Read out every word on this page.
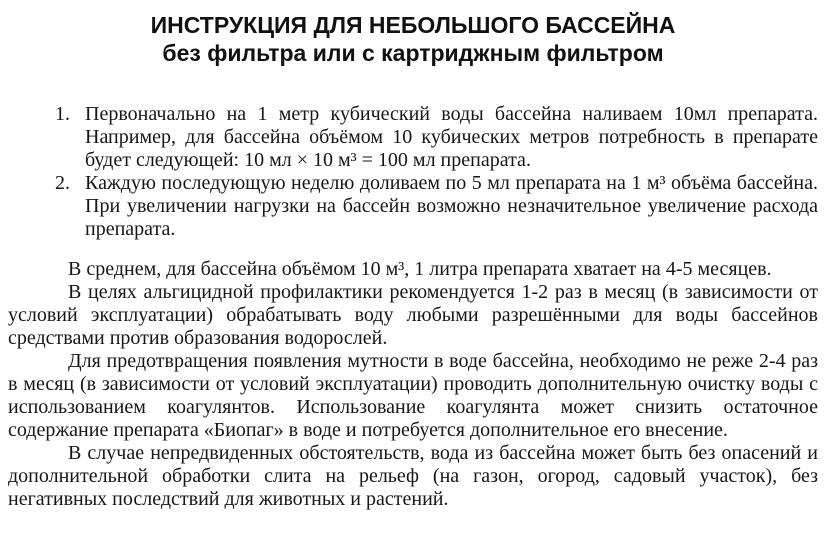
ИНСТРУКЦИЯ ДЛЯ НЕБОЛЬШОГО БАССЕЙНА
без фильтра или с картриджным фильтром
1. Первоначально на 1 метр кубический воды бассейна наливаем 10мл препарата. Например, для бассейна объёмом 10 кубических метров потребность в препарате будет следующей: 10 мл × 10 м³ = 100 мл препарата.
2. Каждую последующую неделю доливаем по 5 мл препарата на 1 м³ объёма бассейна. При увеличении нагрузки на бассейн возможно незначительное увеличение расхода препарата.

В среднем, для бассейна объёмом 10 м³, 1 литра препарата хватает на 4-5 месяцев.

В целях альгицидной профилактики рекомендуется 1-2 раз в месяц (в зависимости от условий эксплуатации) обрабатывать воду любыми разрешёнными для воды бассейнов средствами против образования водорослей.

Для предотвращения появления мутности в воде бассейна, необходимо не реже 2-4 раз в месяц (в зависимости от условий эксплуатации) проводить дополнительную очистку воды с использованием коагулянтов. Использование коагулянта может снизить остаточное содержание препарата «Биопаг» в воде и потребуется дополнительное его внесение.

В случае непредвиденных обстоятельств, вода из бассейна может быть без опасений и дополнительной обработки слита на рельеф (на газон, огород, садовый участок), без негативных последствий для животных и растений.
